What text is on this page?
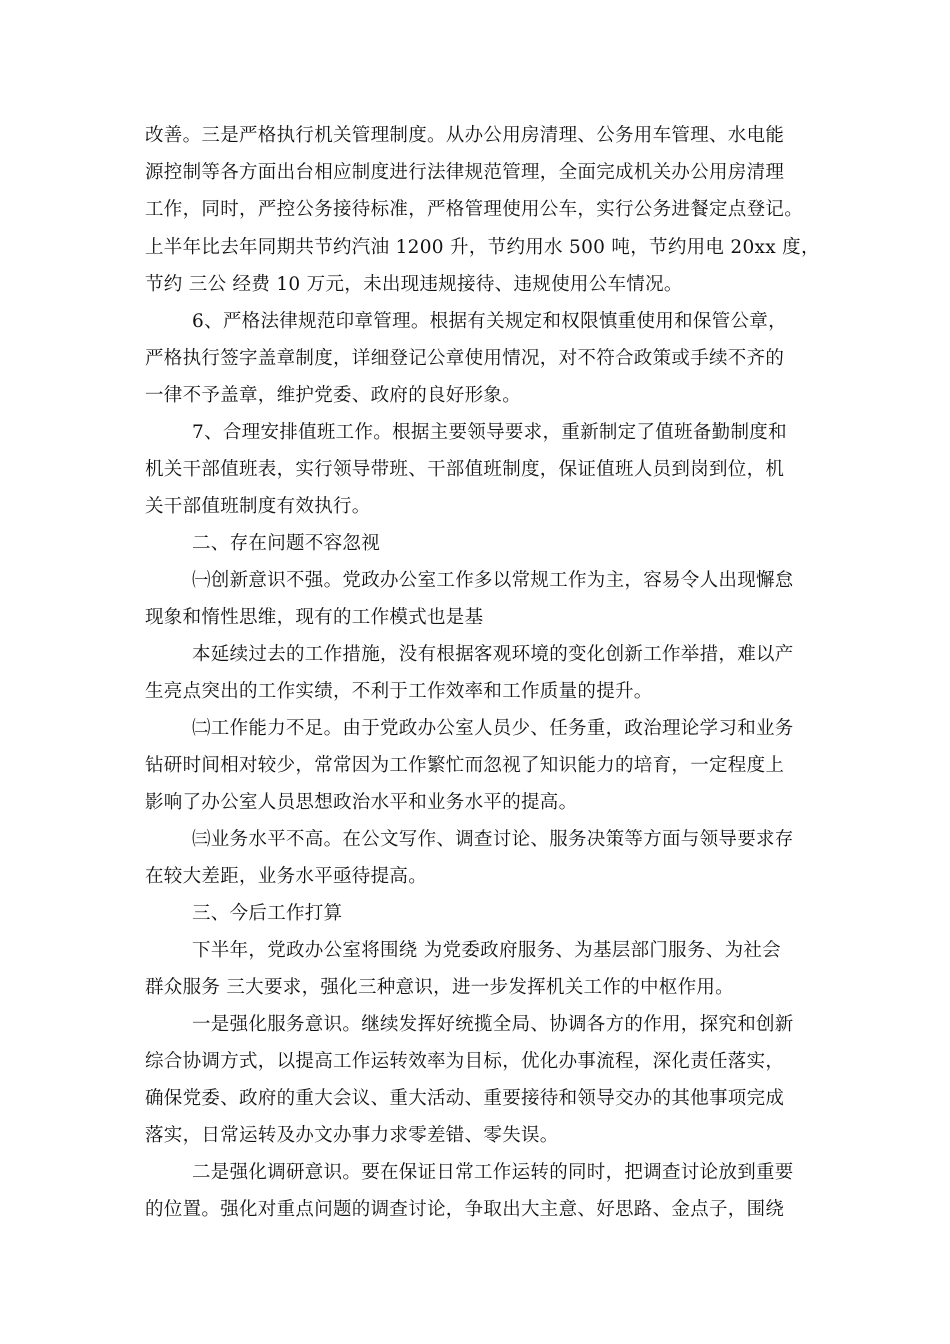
改善。三是严格执行机关管理制度。从办公用房清理、公务用车管理、水电能
源控制等各方面出台相应制度进行法律规范管理，全面完成机关办公用房清理
工作，同时，严控公务接待标准，严格管理使用公车，实行公务进餐定点登记。
上半年比去年同期共节约汽油 1200 升，节约用水 500 吨，节约用电 20xx 度，
节约 三公 经费 10 万元，未出现违规接待、违规使用公车情况。
6、严格法律规范印章管理。根据有关规定和权限慎重使用和保管公章，
严格执行签字盖章制度，详细登记公章使用情况，对不符合政策或手续不齐的
一律不予盖章，维护党委、政府的良好形象。
7、合理安排值班工作。根据主要领导要求，重新制定了值班备勤制度和
机关干部值班表，实行领导带班、干部值班制度，保证值班人员到岗到位，机
关干部值班制度有效执行。
二、存在问题不容忽视
㈠创新意识不强。党政办公室工作多以常规工作为主，容易令人出现懈怠
现象和惰性思维，现有的工作模式也是基
本延续过去的工作措施，没有根据客观环境的变化创新工作举措，难以产
生亮点突出的工作实绩，不利于工作效率和工作质量的提升。
㈡工作能力不足。由于党政办公室人员少、任务重，政治理论学习和业务
钻研时间相对较少，常常因为工作繁忙而忽视了知识能力的培育，一定程度上
影响了办公室人员思想政治水平和业务水平的提高。
㈢业务水平不高。在公文写作、调查讨论、服务决策等方面与领导要求存
在较大差距，业务水平亟待提高。
三、今后工作打算
下半年，党政办公室将围绕 为党委政府服务、为基层部门服务、为社会
群众服务 三大要求，强化三种意识，进一步发挥机关工作的中枢作用。
一是强化服务意识。继续发挥好统揽全局、协调各方的作用，探究和创新
综合协调方式，以提高工作运转效率为目标，优化办事流程，深化责任落实，
确保党委、政府的重大会议、重大活动、重要接待和领导交办的其他事项完成
落实，日常运转及办文办事力求零差错、零失误。
二是强化调研意识。要在保证日常工作运转的同时，把调查讨论放到重要
的位置。强化对重点问题的调查讨论，争取出大主意、好思路、金点子，围绕
